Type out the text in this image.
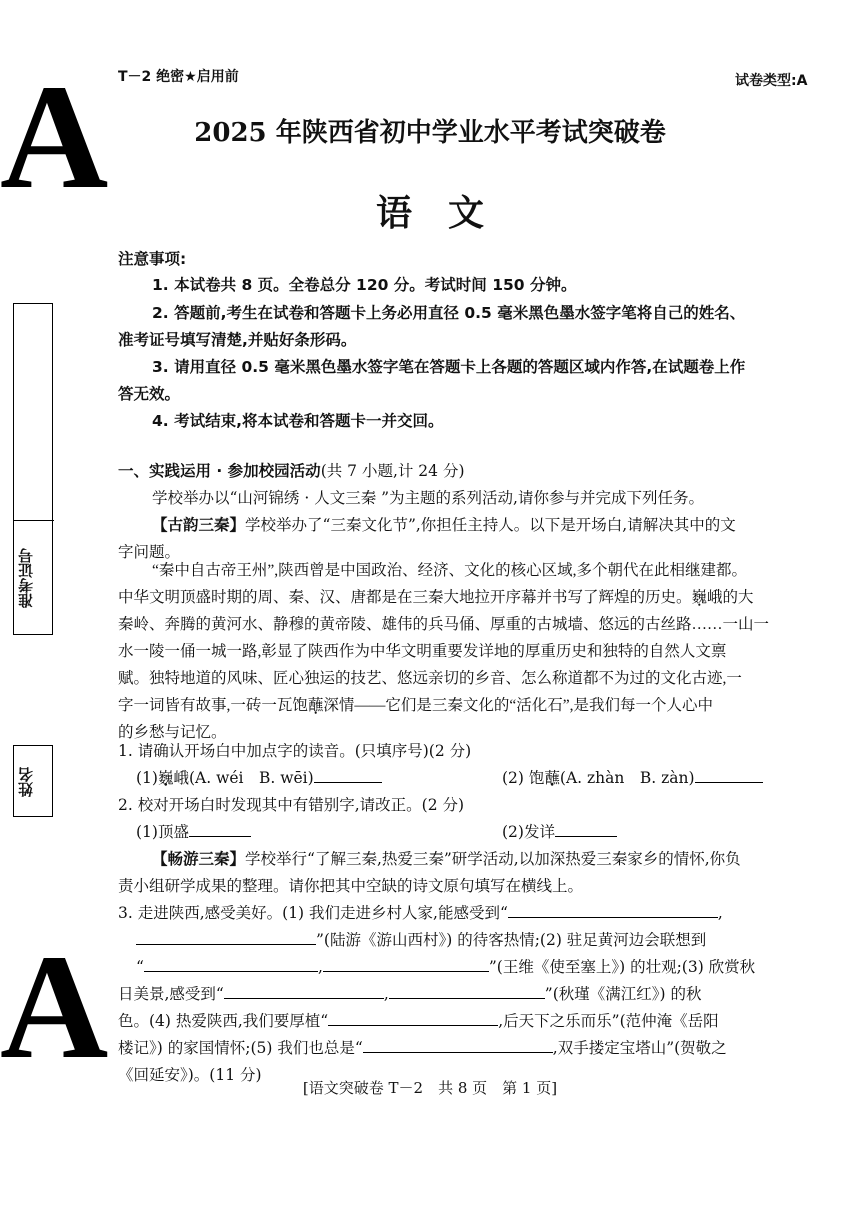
A
A
T－2 绝密★启用前	试卷类型:A
2025 年陕西省初中学业水平考试突破卷
语　文
准考证号
姓名
注意事项:
1. 本试卷共 8 页。全卷总分 120 分。考试时间 150 分钟。
2. 答题前,考生在试卷和答题卡上务必用直径 0.5 毫米黑色墨水签字笔将自己的姓名、
准考证号填写清楚,并贴好条形码。
3. 请用直径 0.5 毫米黑色墨水签字笔在答题卡上各题的答题区域内作答,在试题卷上作
答无效。
4. 考试结束,将本试卷和答题卡一并交回。
一、实践运用 · 参加校园活动(共 7 小题,计 24 分)
学校举办以“山河锦绣 · 人文三秦 ”为主题的系列活动,请你参与并完成下列任务。
【古韵三秦】学校举办了“三秦文化节”,你担任主持人。以下是开场白,请解决其中的文
字问题。
“秦中自古帝王州”,陕西曾是中国政治、经济、文化的核心区域,多个朝代在此相继建都。
中华文明顶盛时期的周、秦、汉、唐都是在三秦大地拉开序幕并书写了辉煌的历史。巍峨的大
秦岭、奔腾的黄河水、静穆的黄帝陵、雄伟的兵马俑、厚重的古城墙、悠远的古丝路……一山一
水一陵一俑一城一路,彰显了陕西作为中华文明重要发详地的厚重历史和独特的自然人文禀
赋。独特地道的风味、匠心独运的技艺、悠远亲切的乡音、怎么称道都不为过的文化古迹,一
字一词皆有故事,一砖一瓦饱蘸深情——它们是三秦文化的“活化石”,是我们每一个人心中
的乡愁与记忆。
1. 请确认开场白中加点字的读音。(只填序号)(2 分)
(1)巍峨(A. wéi　B. wēi)	(2) 饱蘸(A. zhàn　B. zàn)
2. 校对开场白时发现其中有错别字,请改正。(2 分)
(1)顶盛	(2)发详
【畅游三秦】学校举行“了解三秦,热爱三秦”研学活动,以加深热爱三秦家乡的情怀,你负
责小组研学成果的整理。请你把其中空缺的诗文原句填写在横线上。
3. 走进陕西,感受美好。(1) 我们走进乡村人家,能感受到“	,
”(陆游《游山西村》) 的待客热情;(2) 驻足黄河边会联想到
“	,	”(王维《使至塞上》) 的壮观;(3) 欣赏秋
日美景,感受到“	,	”(秋瑾《满江红》) 的秋
色。(4) 热爱陕西,我们要厚植“	,后天下之乐而乐”(范仲淹《岳阳
楼记》) 的家国情怀;(5) 我们也总是“	,双手搂定宝塔山”(贺敬之
《回延安》)。(11 分)
[语文突破卷 T－2　共 8 页　第 1 页]
